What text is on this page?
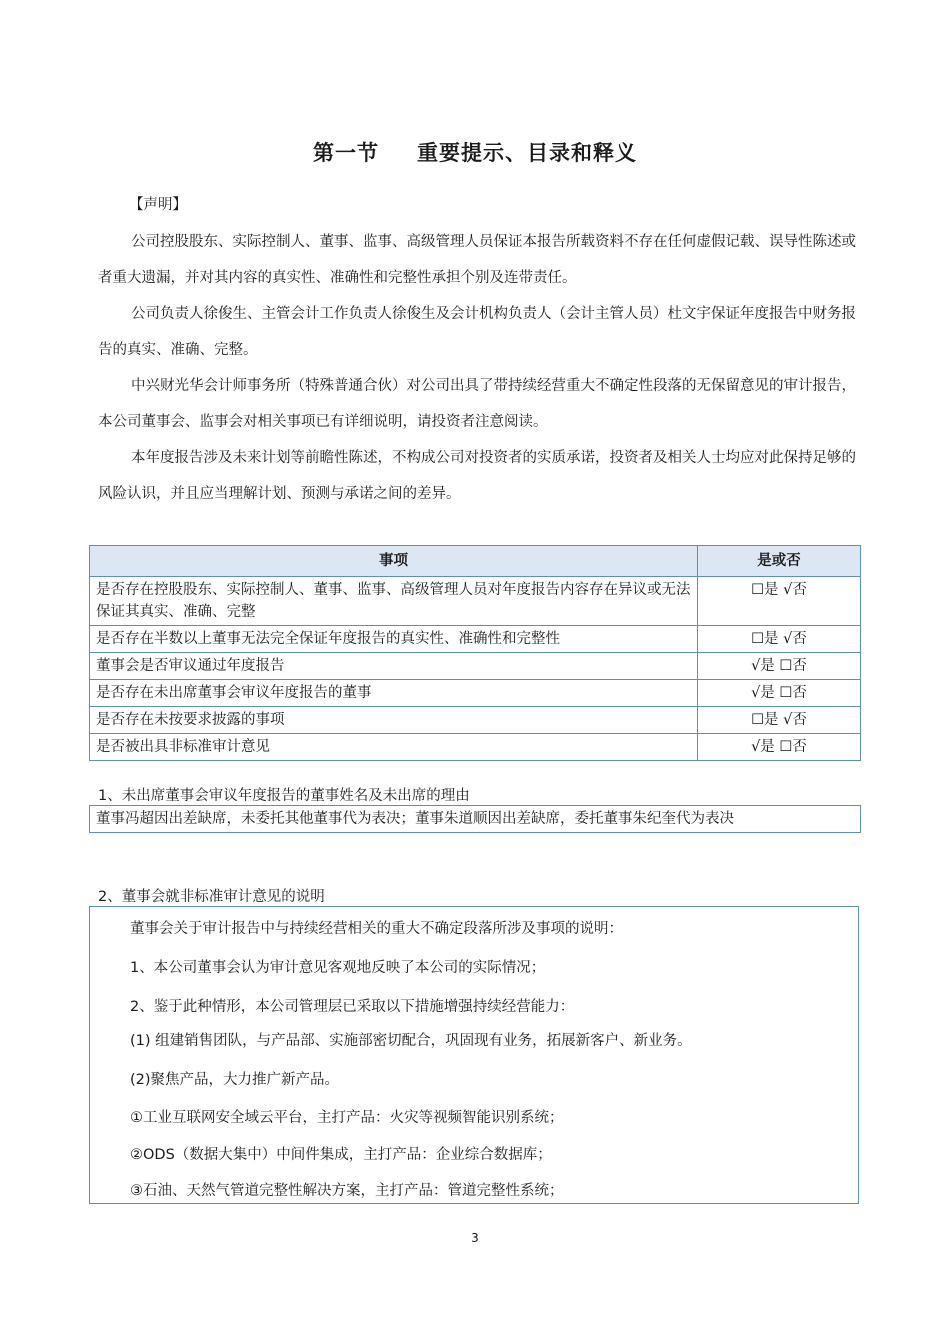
第一节 重要提示、目录和释义
【声明】
公司控股股东、实际控制人、董事、监事、高级管理人员保证本报告所载资料不存在任何虚假记载、误导性陈述或者重大遗漏，并对其内容的真实性、准确性和完整性承担个别及连带责任。
公司负责人徐俊生、主管会计工作负责人徐俊生及会计机构负责人（会计主管人员）杜文宇保证年度报告中财务报告的真实、准确、完整。
中兴财光华会计师事务所（特殊普通合伙）对公司出具了带持续经营重大不确定性段落的无保留意见的审计报告，本公司董事会、监事会对相关事项已有详细说明，请投资者注意阅读。
本年度报告涉及未来计划等前瞻性陈述，不构成公司对投资者的实质承诺，投资者及相关人士均应对此保持足够的风险认识，并且应当理解计划、预测与承诺之间的差异。
事项	是或否
是否存在控股股东、实际控制人、董事、监事、高级管理人员对年度报告内容存在异议或无法保证其真实、准确、完整	☐是 √否
是否存在半数以上董事无法完全保证年度报告的真实性、准确性和完整性	☐是 √否
董事会是否审议通过年度报告	√是 ☐否
是否存在未出席董事会审议年度报告的董事	√是 ☐否
是否存在未按要求披露的事项	☐是 √否
是否被出具非标准审计意见	√是 ☐否
1、未出席董事会审议年度报告的董事姓名及未出席的理由
董事冯超因出差缺席，未委托其他董事代为表决；董事朱道顺因出差缺席，委托董事朱纪奎代为表决
2、董事会就非标准审计意见的说明
董事会关于审计报告中与持续经营相关的重大不确定段落所涉及事项的说明：
1、本公司董事会认为审计意见客观地反映了本公司的实际情况；
2、鉴于此种情形，本公司管理层已采取以下措施增强持续经营能力：
(1) 组建销售团队，与产品部、实施部密切配合，巩固现有业务，拓展新客户、新业务。
(2)聚焦产品，大力推广新产品。
①工业互联网安全域云平台，主打产品：火灾等视频智能识别系统；
②ODS（数据大集中）中间件集成，主打产品：企业综合数据库；
③石油、天然气管道完整性解决方案，主打产品：管道完整性系统；
3
